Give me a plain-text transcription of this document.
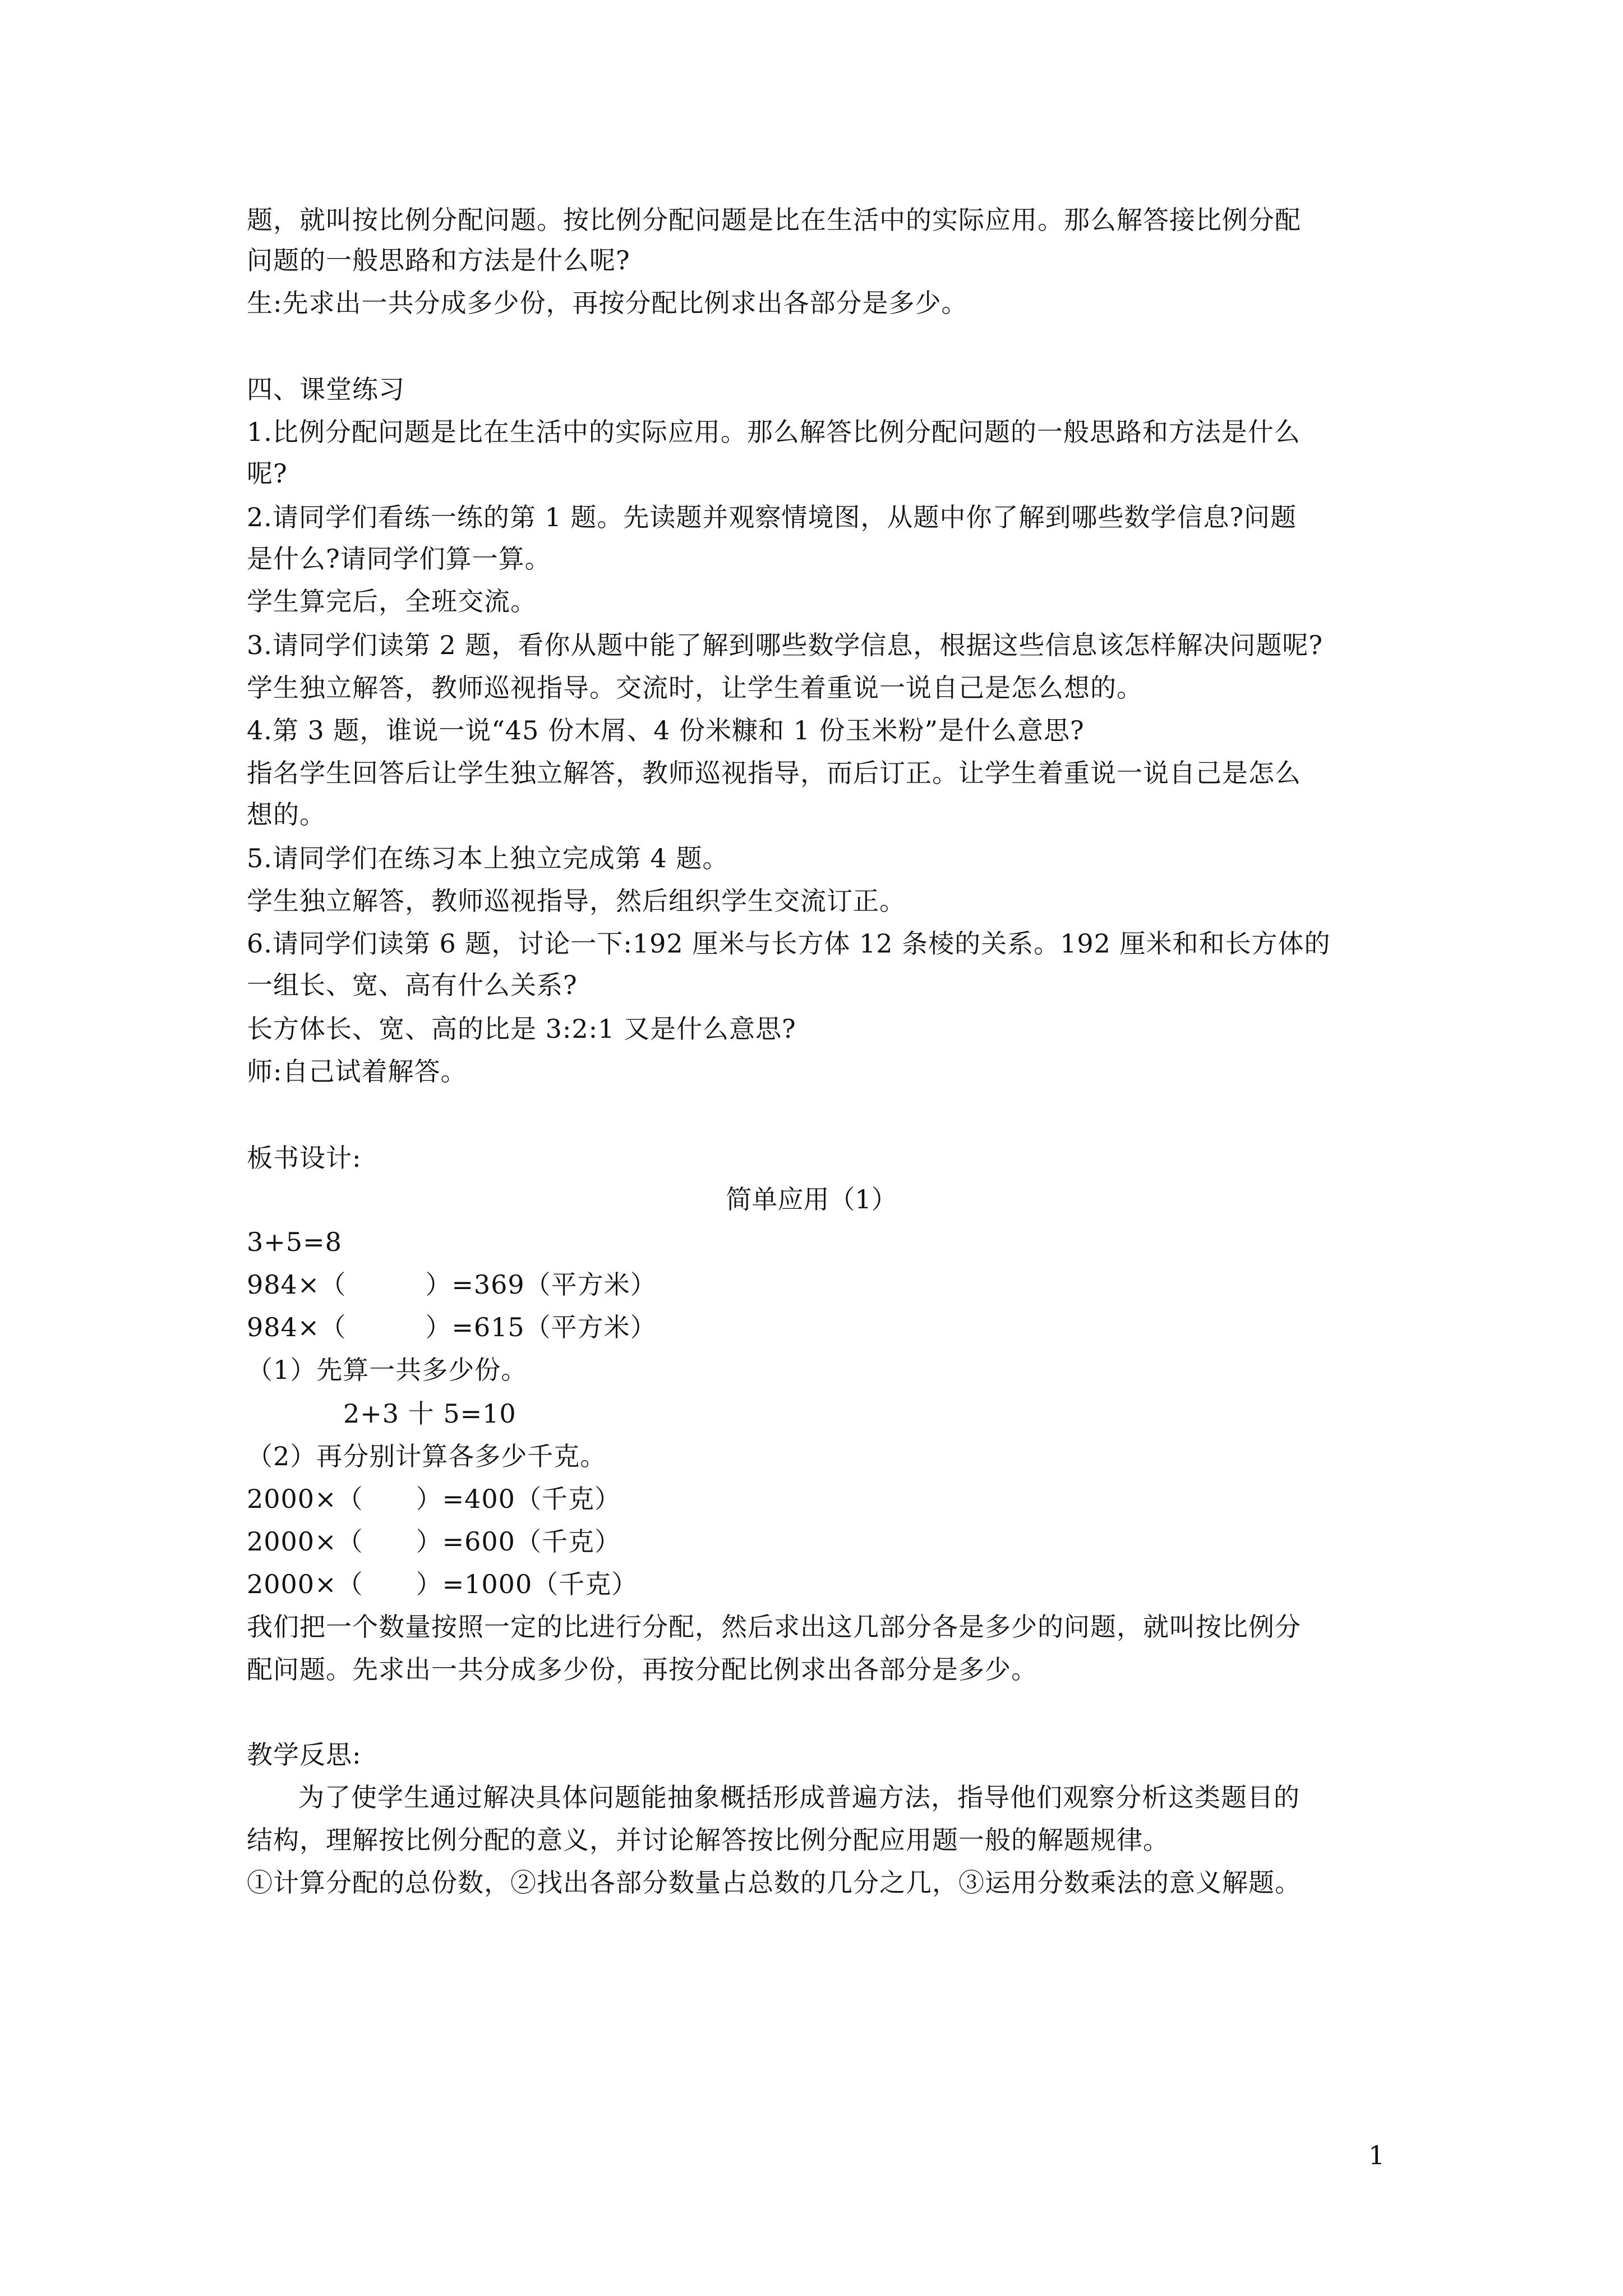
题，就叫按比例分配问题。按比例分配问题是比在生活中的实际应用。那么解答接比例分配
问题的一般思路和方法是什么呢?
生:先求出一共分成多少份，再按分配比例求出各部分是多少。
四、课堂练习
1.比例分配问题是比在生活中的实际应用。那么解答比例分配问题的一般思路和方法是什么
呢?
2.请同学们看练一练的第 1 题。先读题并观察情境图，从题中你了解到哪些数学信息?问题
是什么?请同学们算一算。
学生算完后，全班交流。
3.请同学们读第 2 题，看你从题中能了解到哪些数学信息，根据这些信息该怎样解决问题呢?
学生独立解答，教师巡视指导。交流时，让学生着重说一说自己是怎么想的。
4.第 3 题，谁说一说“45 份木屑、4 份米糠和 1 份玉米粉”是什么意思?
指名学生回答后让学生独立解答，教师巡视指导，而后订正。让学生着重说一说自己是怎么
想的。
5.请同学们在练习本上独立完成第 4 题。
学生独立解答，教师巡视指导，然后组织学生交流订正。
6.请同学们读第 6 题，讨论一下:192 厘米与长方体 12 条棱的关系。192 厘米和和长方体的
一组长、宽、高有什么关系?
长方体长、宽、高的比是 3:2:1 又是什么意思?
师:自己试着解答。
板书设计:
简单应用（1）
3+5=8
984×（　　　）=369（平方米）
984×（　　　）=615（平方米）
（1）先算一共多少份。
2+3 十 5=10
（2）再分别计算各多少千克。
2000×（　　）=400（千克）
2000×（　　）=600（千克）
2000×（　　）=1000（千克）
我们把一个数量按照一定的比进行分配，然后求出这几部分各是多少的问题，就叫按比例分
配问题。先求出一共分成多少份，再按分配比例求出各部分是多少。
教学反思:
为了使学生通过解决具体问题能抽象概括形成普遍方法，指导他们观察分析这类题目的
结构，理解按比例分配的意义，并讨论解答按比例分配应用题一般的解题规律。
①计算分配的总份数，②找出各部分数量占总数的几分之几，③运用分数乘法的意义解题。
1
